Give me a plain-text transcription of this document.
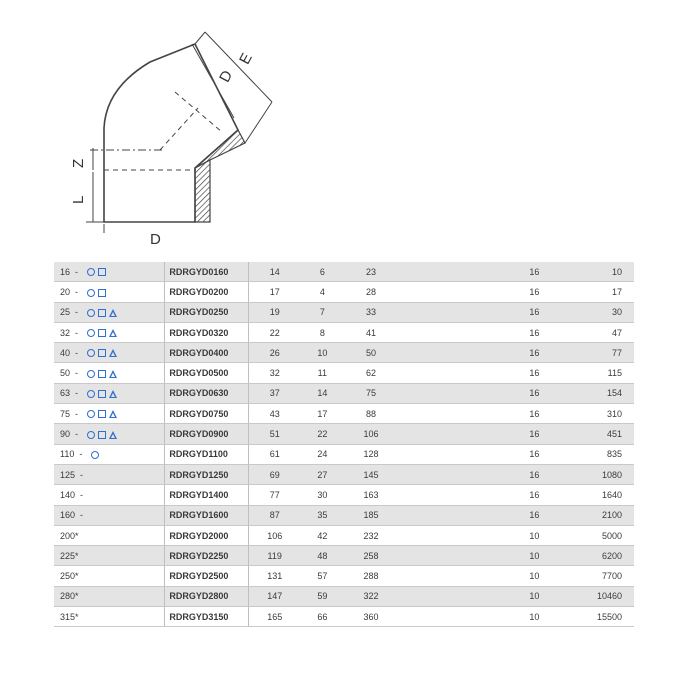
Z
L
D
D
E
16 -	RDRGYD0160	14	6	23		16	10
20 -	RDRGYD0200	17	4	28		16	17
25 -	RDRGYD0250	19	7	33		16	30
32 -	RDRGYD0320	22	8	41		16	47
40 -	RDRGYD0400	26	10	50		16	77
50 -	RDRGYD0500	32	11	62		16	115
63 -	RDRGYD0630	37	14	75		16	154
75 -	RDRGYD0750	43	17	88		16	310
90 -	RDRGYD0900	51	22	106		16	451
110 -	RDRGYD1100	61	24	128		16	835
125 -	RDRGYD1250	69	27	145		16	1080
140 -	RDRGYD1400	77	30	163		16	1640
160 -	RDRGYD1600	87	35	185		16	2100
200*	RDRGYD2000	106	42	232		10	5000
225*	RDRGYD2250	119	48	258		10	6200
250*	RDRGYD2500	131	57	288		10	7700
280*	RDRGYD2800	147	59	322		10	10460
315*	RDRGYD3150	165	66	360		10	15500
